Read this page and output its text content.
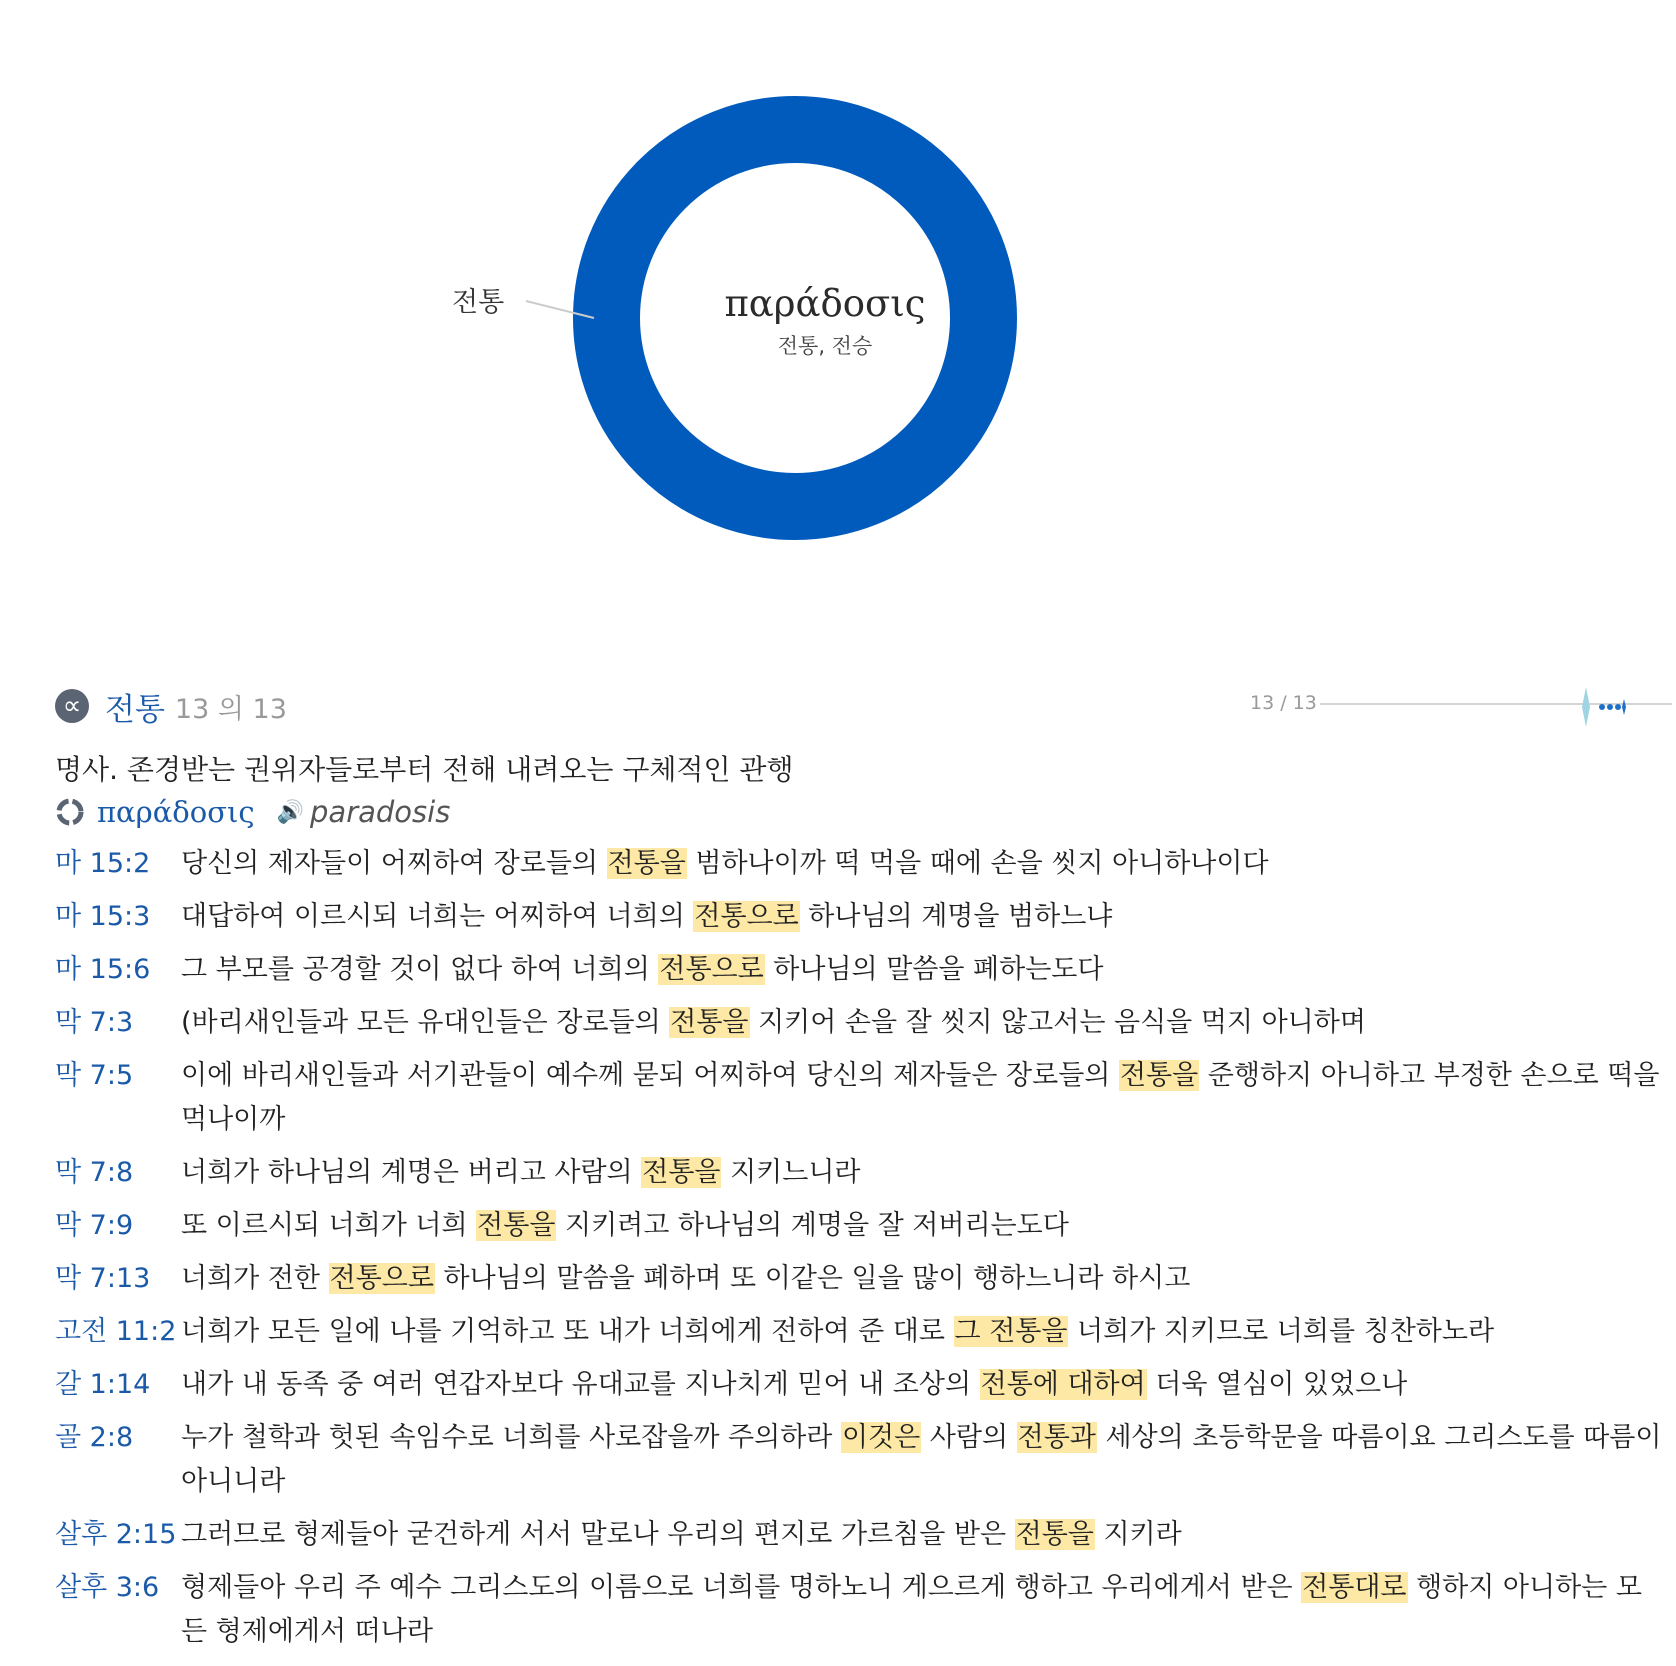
παράδοσις
전통, 전승
전통
∝ 전통 13 의 13	13 / 13
명사. 존경받는 권위자들로부터 전해 내려오는 구체적인 관행
παράδοσις 🔊 paradosis
마 15:2	당신의 제자들이 어찌하여 장로들의 전통을 범하나이까 떡 먹을 때에 손을 씻지 아니하나이다
마 15:3	대답하여 이르시되 너희는 어찌하여 너희의 전통으로 하나님의 계명을 범하느냐
마 15:6	그 부모를 공경할 것이 없다 하여 너희의 전통으로 하나님의 말씀을 폐하는도다
막 7:3	(바리새인들과 모든 유대인들은 장로들의 전통을 지키어 손을 잘 씻지 않고서는 음식을 먹지 아니하며
막 7:5	이에 바리새인들과 서기관들이 예수께 묻되 어찌하여 당신의 제자들은 장로들의 전통을 준행하지 아니하고 부정한 손으로 떡을 먹나이까
막 7:8	너희가 하나님의 계명은 버리고 사람의 전통을 지키느니라
막 7:9	또 이르시되 너희가 너희 전통을 지키려고 하나님의 계명을 잘 저버리는도다
막 7:13	너희가 전한 전통으로 하나님의 말씀을 폐하며 또 이같은 일을 많이 행하느니라 하시고
고전 11:2 너희가 모든 일에 나를 기억하고 또 내가 너희에게 전하여 준 대로 그 전통을 너희가 지키므로 너희를 칭찬하노라
갈 1:14	내가 내 동족 중 여러 연갑자보다 유대교를 지나치게 믿어 내 조상의 전통에 대하여 더욱 열심이 있었으나
골 2:8	누가 철학과 헛된 속임수로 너희를 사로잡을까 주의하라 이것은 사람의 전통과 세상의 초등학문을 따름이요 그리스도를 따름이 아니니라
살후 2:15 그러므로 형제들아 굳건하게 서서 말로나 우리의 편지로 가르침을 받은 전통을 지키라
살후 3:6 형제들아 우리 주 예수 그리스도의 이름으로 너희를 명하노니 게으르게 행하고 우리에게서 받은 전통대로 행하지 아니하는 모든 형제에게서 떠나라
